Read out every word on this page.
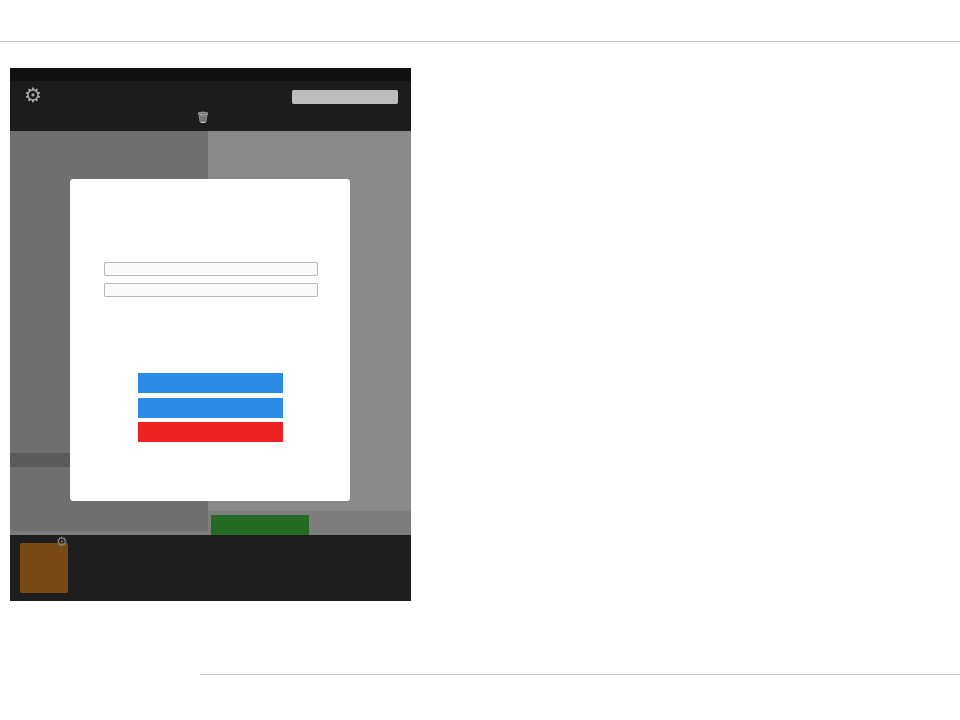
⚙
🗑
⚙
